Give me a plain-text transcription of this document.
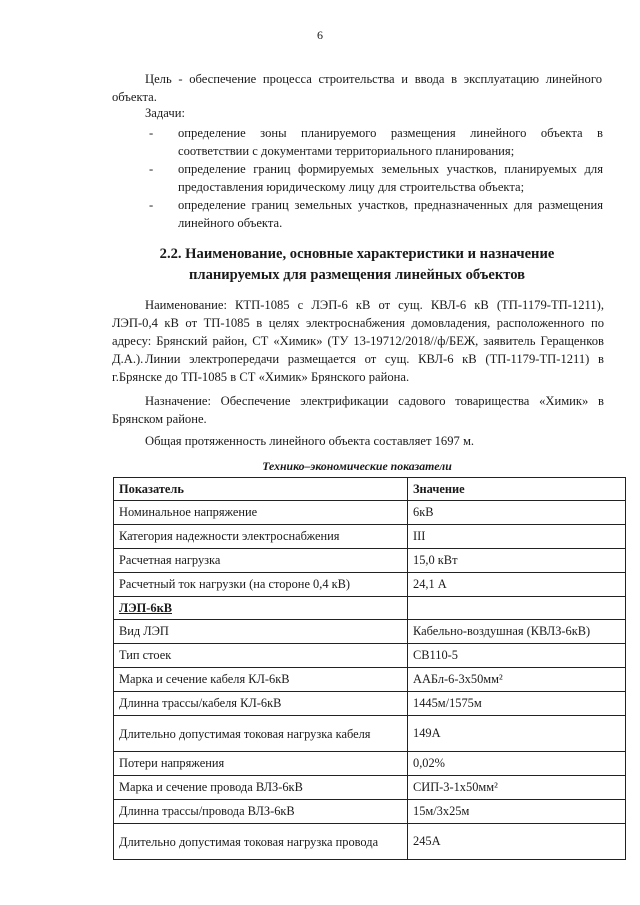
6
Цель - обеспечение процесса строительства и ввода в эксплуатацию линейного объекта.
Задачи:
- определение зоны планируемого размещения линейного объекта в соответствии с документами территориального планирования;
- определение границ формируемых земельных участков, планируемых для предоставления юридическому лицу для строительства объекта;
- определение границ земельных участков, предназначенных для размещения линейного объекта.
2.2. Наименование, основные характеристики и назначение
планируемых для размещения линейных объектов
Наименование: КТП-1085 с ЛЭП-6 кВ от сущ. КВЛ-6 кВ (ТП-1179-ТП-1211), ЛЭП-0,4 кВ от ТП-1085 в целях электроснабжения домовладения, расположенного по адресу: Брянский район, СТ «Химик» (ТУ 13-19712/2018//ф/БЕЖ, заявитель Геращенков Д.А.). Линии электропередачи размещается от сущ. КВЛ-6 кВ (ТП-1179-ТП-1211) в г.Брянске до ТП-1085 в СТ «Химик» Брянского района.
Назначение: Обеспечение электрификации садового товарищества «Химик» в Брянском районе.
Общая протяженность линейного объекта составляет 1697 м.
Технико–экономические показатели
Показатель	Значение
Номинальное напряжение	6кВ
Категория надежности электроснабжения	III
Расчетная нагрузка	15,0 кВт
Расчетный ток нагрузки (на стороне 0,4 кВ)	24,1 А
ЛЭП-6кВ	
Вид ЛЭП	Кабельно-воздушная (КВЛЗ-6кВ)
Тип стоек	СВ110-5
Марка и сечение кабеля КЛ-6кВ	ААБл-6-3х50мм²
Длинна трассы/кабеля КЛ-6кВ	1445м/1575м
Длительно допустимая токовая нагрузка кабеля	149А
Потери напряжения	0,02%
Марка и сечение провода ВЛЗ-6кВ	СИП-3-1х50мм²
Длинна трассы/провода ВЛЗ-6кВ	15м/3х25м
Длительно допустимая токовая нагрузка провода	245А
